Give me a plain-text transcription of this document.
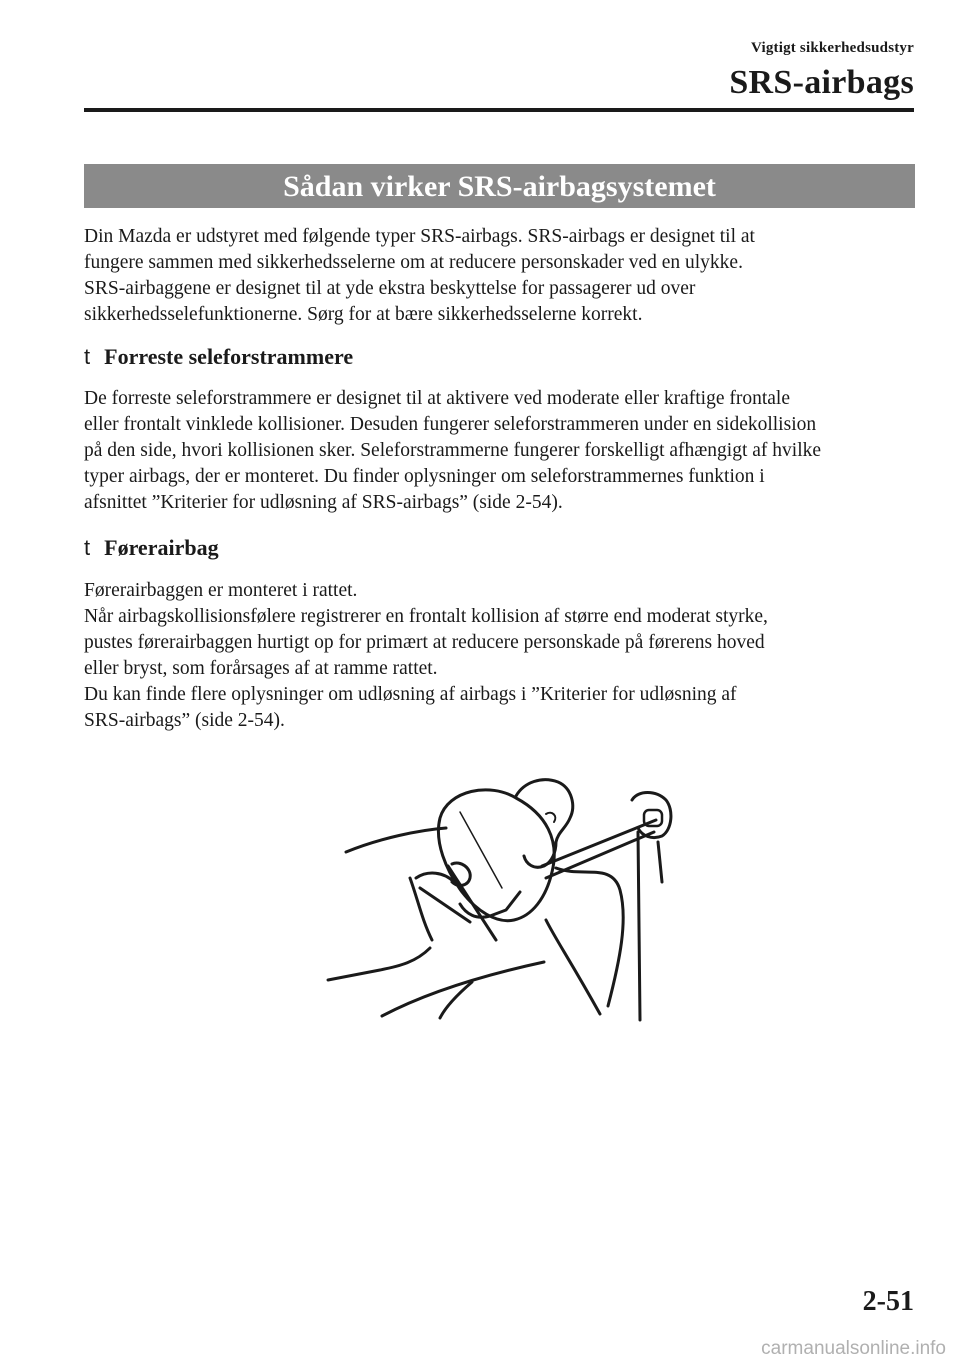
Vigtigt sikkerhedsudstyr
SRS-airbags
Sådan virker SRS-airbagsystemet
Din Mazda er udstyret med følgende typer SRS-airbags. SRS-airbags er designet til at
fungere sammen med sikkerhedsselerne om at reducere personskader ved en ulykke.
SRS-airbaggene er designet til at yde ekstra beskyttelse for passagerer ud over
sikkerhedsselefunktionerne. Sørg for at bære sikkerhedsselerne korrekt.
t Forreste seleforstrammere
De forreste seleforstrammere er designet til at aktivere ved moderate eller kraftige frontale
eller frontalt vinklede kollisioner. Desuden fungerer seleforstrammeren under en sidekollision
på den side, hvori kollisionen sker. Seleforstrammerne fungerer forskelligt afhængigt af hvilke
typer airbags, der er monteret. Du finder oplysninger om seleforstrammernes funktion i
afsnittet ”Kriterier for udløsning af SRS-airbags” (side 2-54).
t Førerairbag
Førerairbaggen er monteret i rattet.
Når airbagskollisionsfølere registrerer en frontalt kollision af større end moderat styrke,
pustes førerairbaggen hurtigt op for primært at reducere personskade på førerens hoved
eller bryst, som forårsages af at ramme rattet.
Du kan finde flere oplysninger om udløsning af airbags i ”Kriterier for udløsning af
SRS-airbags” (side 2-54).
2-51
carmanualsonline.info
